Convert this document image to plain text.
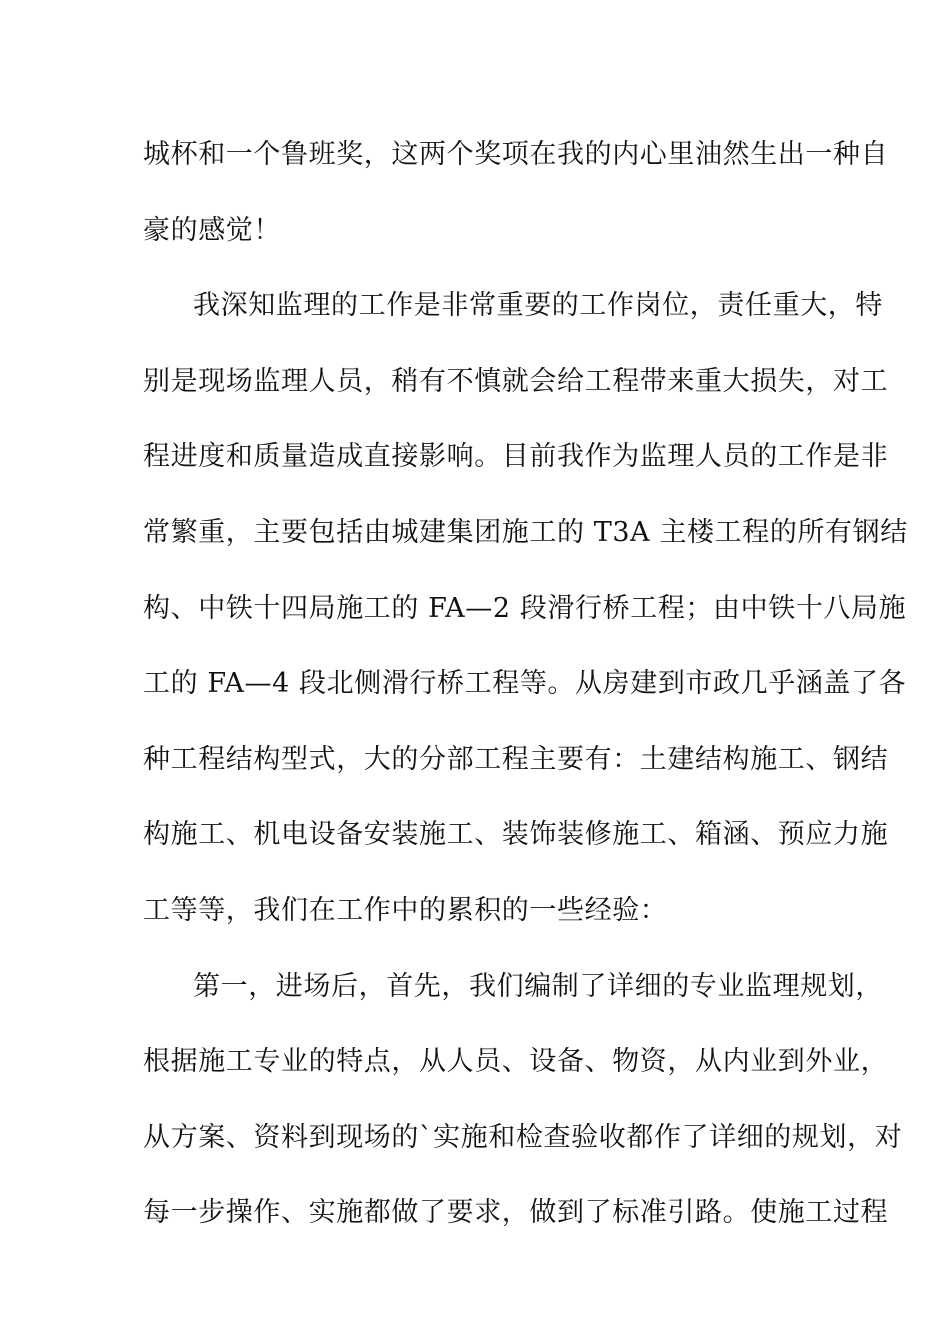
城杯和一个鲁班奖，这两个奖项在我的内心里油然生出一种自
豪的感觉！
我深知监理的工作是非常重要的工作岗位，责任重大，特
别是现场监理人员，稍有不慎就会给工程带来重大损失，对工
程进度和质量造成直接影响。目前我作为监理人员的工作是非
常繁重，主要包括由城建集团施工的 T3A 主楼工程的所有钢结
构、中铁十四局施工的 FA—2 段滑行桥工程；由中铁十八局施
工的 FA—4 段北侧滑行桥工程等。从房建到市政几乎涵盖了各
种工程结构型式，大的分部工程主要有：土建结构施工、钢结
构施工、机电设备安装施工、装饰装修施工、箱涵、预应力施
工等等，我们在工作中的累积的一些经验：
第一，进场后，首先，我们编制了详细的专业监理规划，
根据施工专业的特点，从人员、设备、物资，从内业到外业，
从方案、资料到现场的`实施和检查验收都作了详细的规划，对
每一步操作、实施都做了要求，做到了标准引路。使施工过程
